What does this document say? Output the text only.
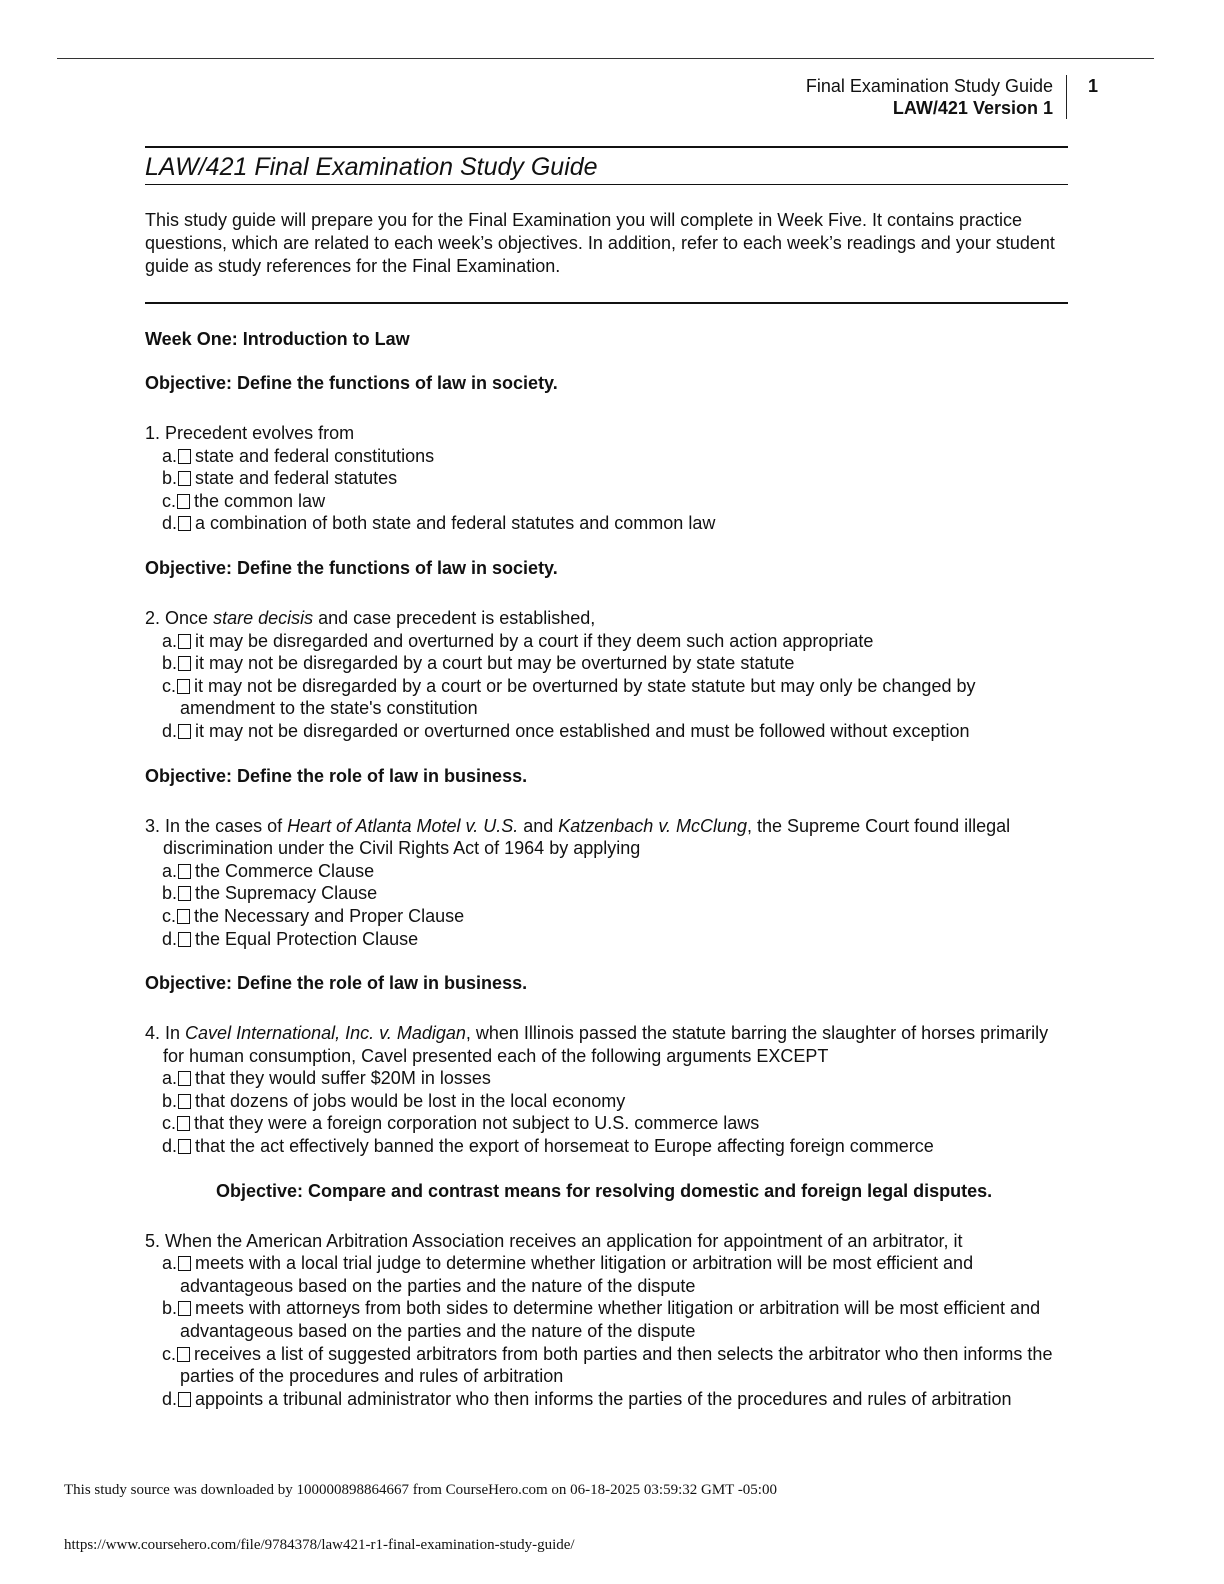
Final Examination Study Guide
LAW/421 Version 1
1
LAW/421 Final Examination Study Guide

This study guide will prepare you for the Final Examination you will complete in Week Five. It contains practice questions, which are related to each week’s objectives. In addition, refer to each week’s readings and your student guide as study references for the Final Examination.

Week One: Introduction to Law
Objective: Define the functions of law in society.
1. Precedent evolves from
a. state and federal constitutions
b. state and federal statutes
c. the common law
d. a combination of both state and federal statutes and common law
Objective: Define the functions of law in society.
2. Once stare decisis and case precedent is established,
a. it may be disregarded and overturned by a court if they deem such action appropriate
b. it may not be disregarded by a court but may be overturned by state statute
c. it may not be disregarded by a court or be overturned by state statute but may only be changed by amendment to the state's constitution
d. it may not be disregarded or overturned once established and must be followed without exception
Objective: Define the role of law in business.
3. In the cases of Heart of Atlanta Motel v. U.S. and Katzenbach v. McClung, the Supreme Court found illegal discrimination under the Civil Rights Act of 1964 by applying
a. the Commerce Clause
b. the Supremacy Clause
c. the Necessary and Proper Clause
d. the Equal Protection Clause
Objective: Define the role of law in business.
4. In Cavel International, Inc. v. Madigan, when Illinois passed the statute barring the slaughter of horses primarily for human consumption, Cavel presented each of the following arguments EXCEPT
a. that they would suffer $20M in losses
b. that dozens of jobs would be lost in the local economy
c. that they were a foreign corporation not subject to U.S. commerce laws
d. that the act effectively banned the export of horsemeat to Europe affecting foreign commerce
Objective: Compare and contrast means for resolving domestic and foreign legal disputes.
5. When the American Arbitration Association receives an application for appointment of an arbitrator, it
a. meets with a local trial judge to determine whether litigation or arbitration will be most efficient and advantageous based on the parties and the nature of the dispute
b. meets with attorneys from both sides to determine whether litigation or arbitration will be most efficient and advantageous based on the parties and the nature of the dispute
c. receives a list of suggested arbitrators from both parties and then selects the arbitrator who then informs the parties of the procedures and rules of arbitration
d. appoints a tribunal administrator who then informs the parties of the procedures and rules of arbitration
This study source was downloaded by 100000898864667 from CourseHero.com on 06-18-2025 03:59:32 GMT -05:00
https://www.coursehero.com/file/9784378/law421-r1-final-examination-study-guide/
